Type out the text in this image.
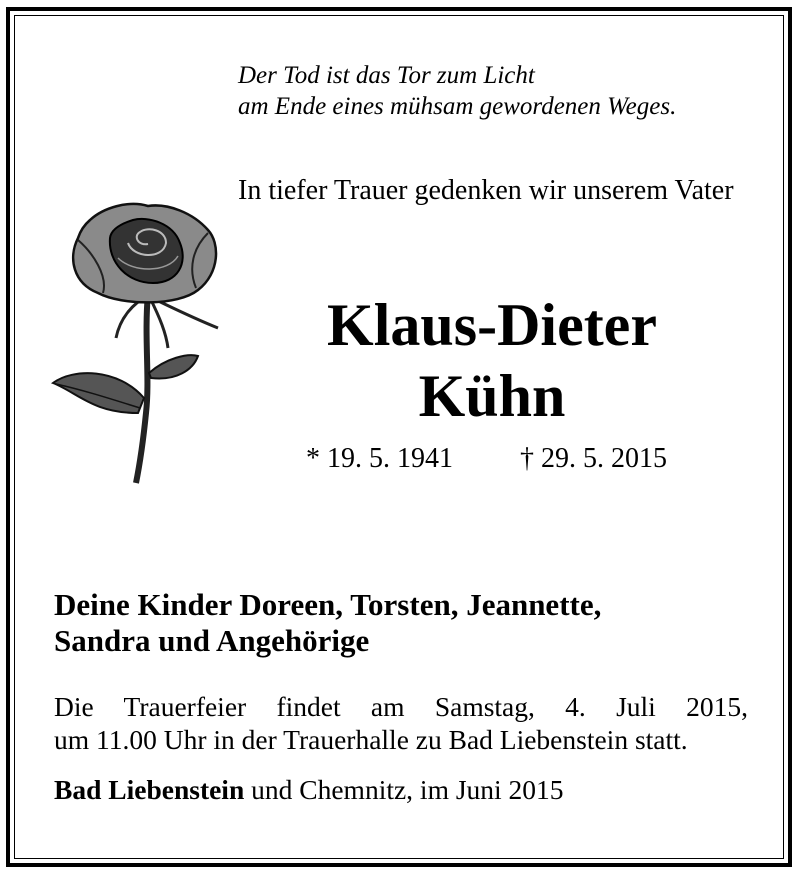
Der Tod ist das Tor zum Licht
am Ende eines mühsam gewordenen Weges.
In tiefer Trauer gedenken wir unserem Vater
Klaus-Dieter
Kühn
* 19. 5. 1941 † 29. 5. 2015
Deine Kinder Doreen, Torsten, Jeannette,
Sandra und Angehörige
Die Trauerfeier findet am Samstag, 4. Juli 2015,
um 11.00 Uhr in der Trauerhalle zu Bad Liebenstein statt.
Bad Liebenstein und Chemnitz, im Juni 2015
